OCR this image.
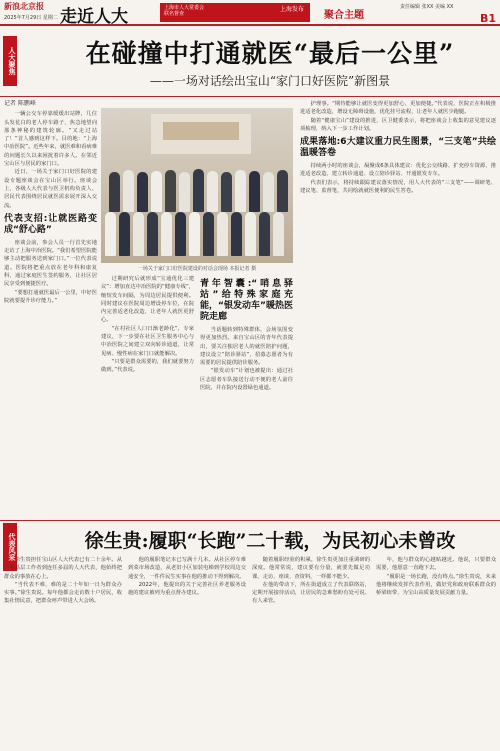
新浪北京报
2025年7月29日 星期二 走近人大	上海市人大常委会
联名督查
上海发布
聚合主题
责任编辑 张XX 美编 XX
B1
人大聚焦	在碰撞中打通就医“最后一公里”
——一场对话绘出宝山“家门口好医院”新图景

记者 陈鹏峰

一辆公交车停靠缓缓出站牌，几位头发花白的老人停车路子，焦急地望向那条神秘的建筑轮廓。“又走过站了！”首人感到这样下。目的地：“上海中冶医院”。近些年来，就医难和看病难的问题长久以来困扰着许多人。在邻近宝山区与居民的家门口。

近日，一场关于家门口好医院的建设专题座谈会在宝山区举行。座谈会上，各级人大代表与医卫机构负责人、居民代表围绕居民就医需求展开深入交流。

代表支招:让就医路变成“舒心路”

座谈会前，参会人员一行首先实地走访了上海中冶医院。“我们希望医院能够主动把服务送到家门口。”一位代表说道。医院将把重点放在老年科和康复科，通过家庭医生签约服务，让社区居民享受到便捷医疗。

“要想打通就医最后一公里，中好医院就要提升诊疗能力。”

一场关于家门口好医院建设的对话会现场 本报记者 摄

过期研究后就形成“宝通优化三建议”：增加直达中冶医院的“健康专线”，缩短发车间隔，为周边居民提供便利。同时建议在医院周边增设停车位，在院内完善适老化改造，让老年人就医更舒心。

“在村社区人口日渐老龄化”，专家建议，下一步要在社区卫生服务中心与中冶医院之间建立双向转诊通道，让常见病、慢性病在家门口就能解决。

“只要是群众需要的，我们就要努力做到。”代表说。

青年智囊:“哨息驿站”给特殊家庭充能，“银发动车”暖热医院走廊

当话题转到特殊群体，会场氛围变得更加热烈。来自宝山区的青年代表提出，要关注独居老人的就医陪护问题，建议设立“陪诊驿站”，招募志愿者为有需要的居民提供陪诊服务。

“银发动车”计划也被提出：通过社区志愿者车队接送行动不便的老人前往医院，并在院内设置绿色通道。

护理事。“期待能够让就医变得更加舒心、更加便捷。”代表说，医院正在积极推进适老化改造，增设无障碍设施，优化挂号流程，让老年人就医少跑腿。

随着“健康宝山”建设的推进，区卫健委表示，将把座谈会上收集的意见建议逐项梳理，纳入下一步工作计划。

成果落地:6大建议重力民生图景，“三支笔”共绘温暖答卷

持续两小时的座谈会，凝聚成6条具体建议：优化公交线路、扩充停车资源、推进适老改造、建立转诊通道、设立陪诊驿站、开通银发专车。

代表们表示，将持续跟踪建议落实情况，用人大代表的“三支笔”——调研笔、建议笔、监督笔，共同绘就就医便利的民生答卷。

代表风采	徐生贵:履职“长跑”二十载，为民初心未曾改

徐生贵担任宝山区人大代表已有二十余年。从一名基层工作者到连任多届的人大代表，他始终把群众的事放在心上。

“当代表不难，难的是二十年如一日为群众办实事。”徐生贵说。每年他都会走访数十户居民，收集社情民意，把群众呼声带进人大会场。

他的履职笔记本已写满十几本。从社区停车难到菜市场改造，从老旧小区加装电梯到学校周边交通安全，一件件民生实事在他的推动下得到解决。

2022年，他提出的关于完善社区养老服务设施的建议被列为重点督办建议。

随着履职经验的积累，徐生贵更加注重调研的深度。他常常说，建议要有分量，就要先做足功课，走访、座谈、查资料，一样都不能少。

在他的带动下，所在街道成立了代表联络站，定期开展接待活动，让居民的急难愁盼有处可说、有人来管。

年，他与群众的心越贴越近。他说，只要群众需要，他愿意一直跑下去。

“履职是一场长跑，没有终点。”徐生贵说，未来他将继续发挥代表作用，做好党和政府联系群众的桥梁纽带，为宝山高质量发展贡献力量。
